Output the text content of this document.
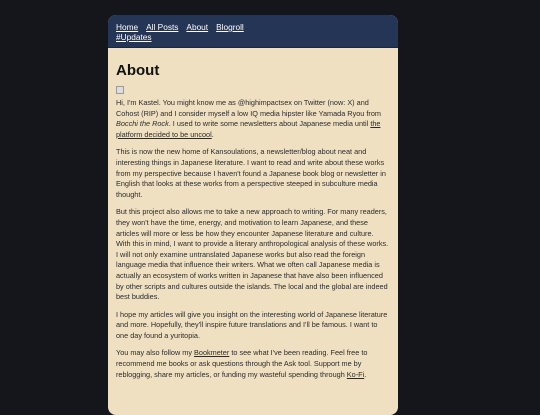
Home All Posts About Blogroll
#Updates
About

Hi, I'm Kastel. You might know me as @highimpactsex on Twitter (now: X) and Cohost (RIP) and I consider myself a low IQ media hipster like Yamada Ryou from Bocchi the Rock. I used to write some newsletters about Japanese media until the platform decided to be uncool.

This is now the new home of Kansoulations, a newsletter/blog about neat and interesting things in Japanese literature. I want to read and write about these works from my perspective because I haven't found a Japanese book blog or newsletter in English that looks at these works from a perspective steeped in subculture media thought.

But this project also allows me to take a new approach to writing. For many readers, they won't have the time, energy, and motivation to learn Japanese, and these articles will more or less be how they encounter Japanese literature and culture. With this in mind, I want to provide a literary anthropological analysis of these works. I will not only examine untranslated Japanese works but also read the foreign language media that influence their writers. What we often call Japanese media is actually an ecosystem of works written in Japanese that have also been influenced by other scripts and cultures outside the islands. The local and the global are indeed best buddies.

I hope my articles will give you insight on the interesting world of Japanese literature and more. Hopefully, they'll inspire future translations and I'll be famous. I want to one day found a yuritopia.

You may also follow my Bookmeter to see what I've been reading. Feel free to recommend me books or ask questions through the Ask tool. Support me by reblogging, share my articles, or funding my wasteful spending through Ko-Fi.
